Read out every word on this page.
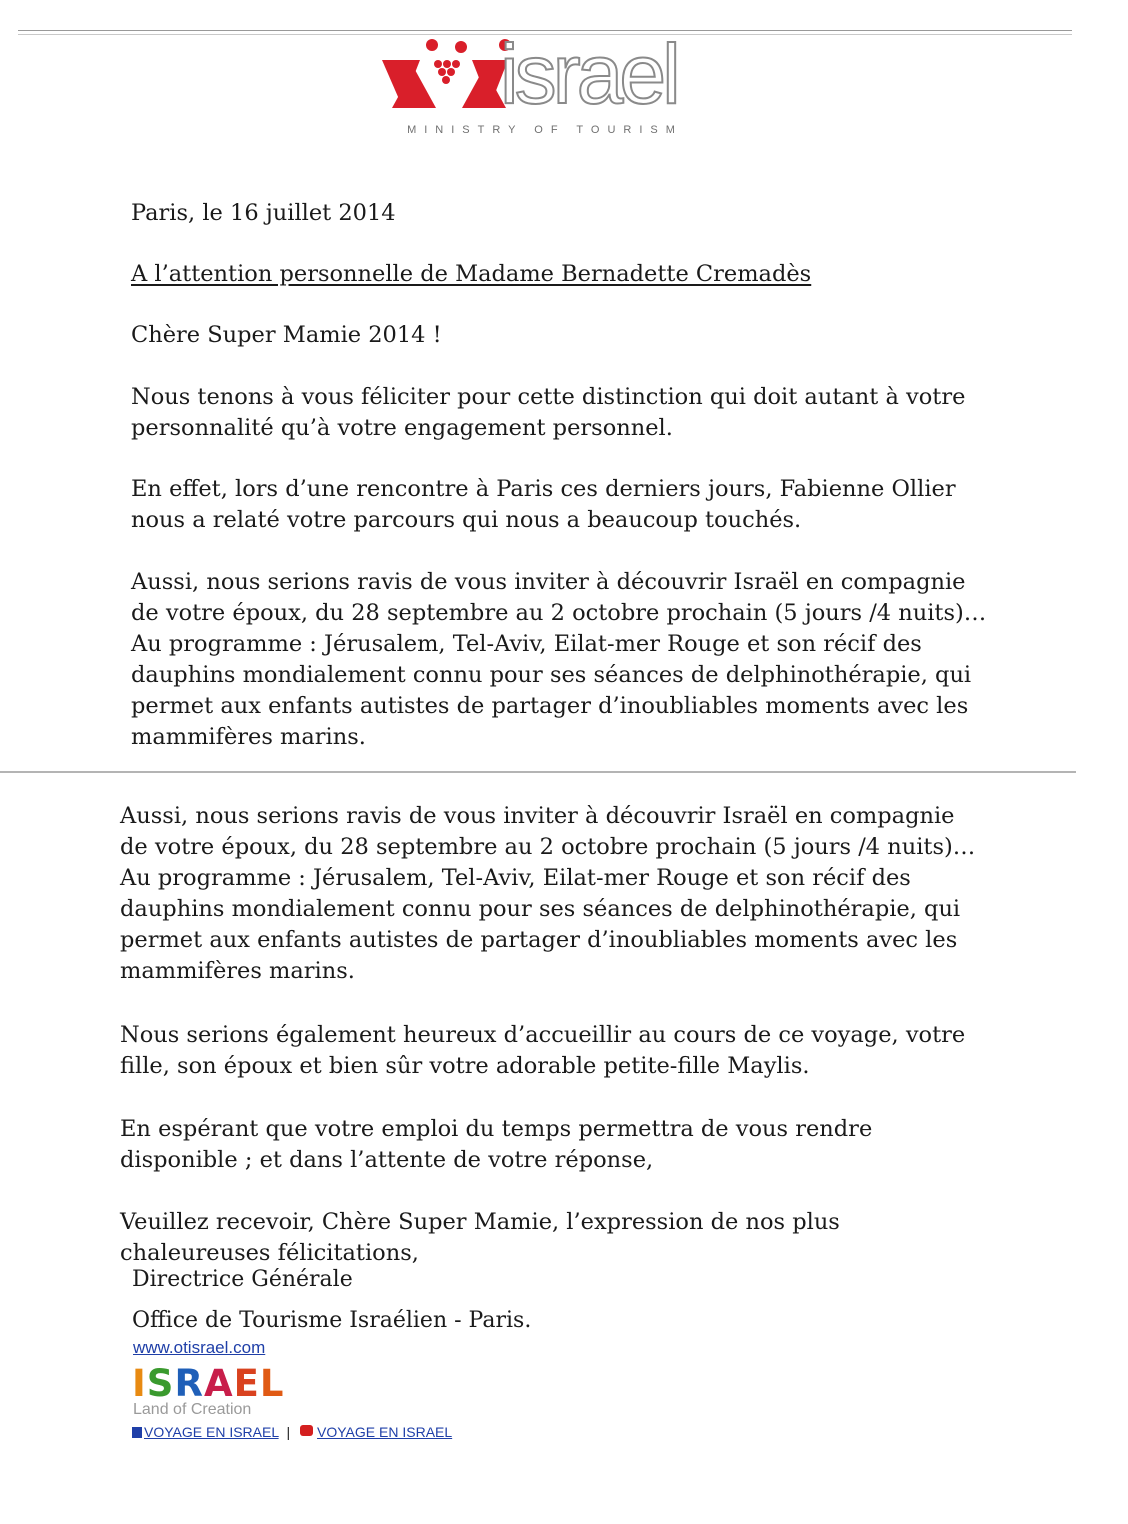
israel
MINISTRY OF TOURISM

Paris, le 16 juillet 2014

A l’attention personnelle de Madame Bernadette Cremadès

Chère Super Mamie 2014 !

Nous tenons à vous féliciter pour cette distinction qui doit autant à votre
personnalité qu’à votre engagement personnel.

En effet, lors d’une rencontre à Paris ces derniers jours, Fabienne Ollier
nous a relaté votre parcours qui nous a beaucoup touchés.

Aussi, nous serions ravis de vous inviter à découvrir Israël en compagnie
de votre époux, du 28 septembre au 2 octobre prochain (5 jours /4 nuits)…
Au programme : Jérusalem, Tel-Aviv, Eilat-mer Rouge et son récif des
dauphins mondialement connu pour ses séances de delphinothérapie, qui
permet aux enfants autistes de partager d’inoubliables moments avec les
mammifères marins.

Aussi, nous serions ravis de vous inviter à découvrir Israël en compagnie
de votre époux, du 28 septembre au 2 octobre prochain (5 jours /4 nuits)…
Au programme : Jérusalem, Tel-Aviv, Eilat-mer Rouge et son récif des
dauphins mondialement connu pour ses séances de delphinothérapie, qui
permet aux enfants autistes de partager d’inoubliables moments avec les
mammifères marins.

Nous serions également heureux d’accueillir au cours de ce voyage, votre
fille, son époux et bien sûr votre adorable petite-fille Maylis.

En espérant que votre emploi du temps permettra de vous rendre
disponible ; et dans l’attente de votre réponse,

Veuillez recevoir, Chère Super Mamie, l’expression de nos plus
chaleureuses félicitations,

Directrice Générale

Office de Tourisme Israélien - Paris.

www.otisrael.com
ISRAEL
Land of Creation
VOYAGE EN ISRAEL | VOYAGE EN ISRAEL
